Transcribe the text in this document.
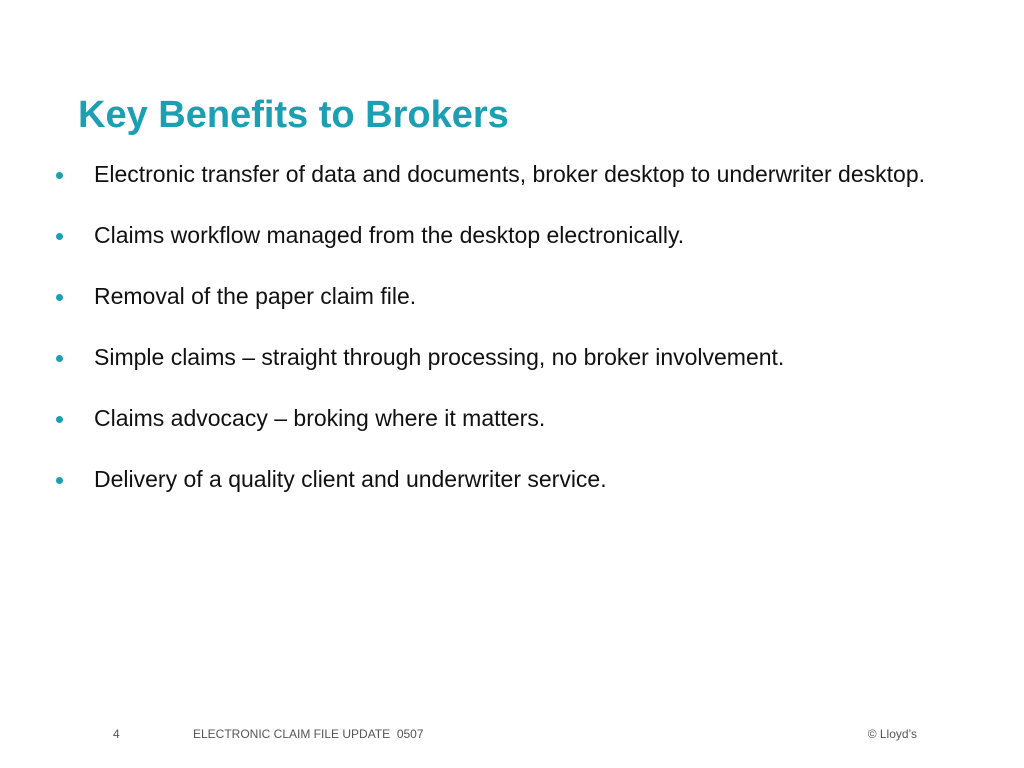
Key Benefits to Brokers
Electronic transfer of data and documents, broker desktop to underwriter desktop.
Claims workflow managed from the desktop electronically.
Removal of the paper claim file.
Simple claims – straight through processing, no broker involvement.
Claims advocacy – broking where it matters.
Delivery of a quality client and underwriter service.
4	ELECTRONIC CLAIM FILE UPDATE  0507	© Lloyd’s
